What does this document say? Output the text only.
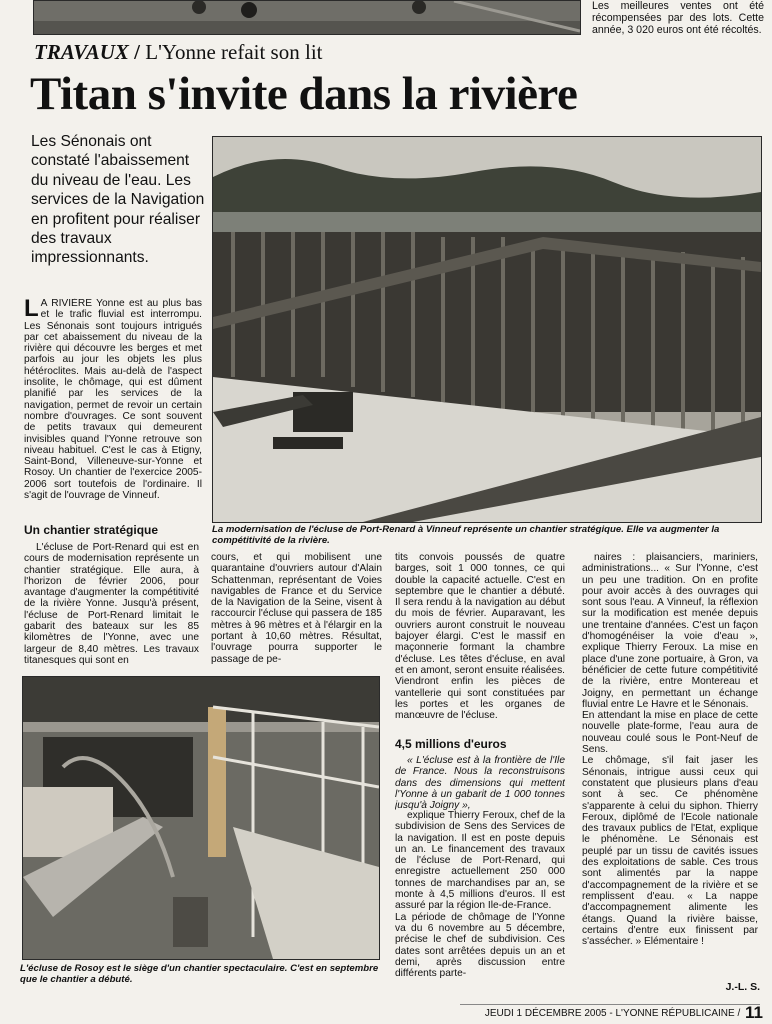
Les meilleures ventes ont été récompensées par des lots. Cette année, 3 020 euros ont été récoltés.
TRAVAUX / L'Yonne refait son lit
Titan s'invite dans la rivière
Les Sénonais ont constaté l'abaissement du niveau de l'eau. Les services de la Navigation en profitent pour réaliser des travaux impressionnants.
L A RIVIÈRE Yonne est au plus bas et le trafic fluvial est interrompu. Les Sénonais sont toujours intrigués par cet abaissement du niveau de la rivière qui découvre les berges et met parfois au jour les objets les plus hétéroclites. Mais au-delà de l'aspect insolite, le chômage, qui est dûment planifié par les services de la navigation, permet de revoir un certain nombre d'ouvrages. Ce sont souvent de petits travaux qui demeurent invisibles quand l'Yonne retrouve son niveau habituel. C'est le cas à Etigny, Saint-Bond, Villeneuve-sur-Yonne et Rosoy. Un chantier de l'exercice 2005-2006 sort toutefois de l'ordinaire. Il s'agit de l'ouvrage de Vinneuf.
Un chantier stratégique
L'écluse de Port-Renard qui est en cours de modernisation représente un chantier stratégique. Elle aura, à l'horizon de février 2006, pour avantage d'augmenter la compétitivité de la rivière Yonne. Jusqu'à présent, l'écluse de Port-Renard limitait le gabarit des bateaux sur les 85 kilomètres de l'Yonne, avec une largeur de 8,40 mètres. Les travaux titanesques qui sont en
La modernisation de l'écluse de Port-Renard à Vinneuf représente un chantier stratégique. Elle va augmenter la compétitivité de la rivière.
cours, et qui mobilisent une quarantaine d'ouvriers autour d'Alain Schattenman, représentant de Voies navigables de France et du Service de la Navigation de la Seine, visent à raccourcir l'écluse qui passera de 185 mètres à 96 mètres et à l'élargir en la portant à 10,60 mètres. Résultat, l'ouvrage pourra supporter le passage de pe-
tits convois poussés de quatre barges, soit 1 000 tonnes, ce qui double la capacité actuelle. C'est en septembre que le chantier a débuté. Il sera rendu à la navigation au début du mois de février. Auparavant, les ouvriers auront construit le nouveau bajoyer élargi. C'est le massif en maçonnerie formant la chambre d'écluse. Les têtes d'écluse, en aval et en amont, seront ensuite réalisées. Viendront enfin les pièces de vantellerie qui sont constituées par les portes et les organes de manœuvre de l'écluse.
4,5 millions d'euros
« L'écluse est à la frontière de l'Ile de France. Nous la reconstruisons dans des dimensions qui mettent l'Yonne à un gabarit de 1 000 tonnes jusqu'à Joigny »,
explique Thierry Feroux, chef de la subdivision de Sens des Services de la navigation. Il est en poste depuis un an. Le financement des travaux de l'écluse de Port-Renard, qui enregistre actuellement 250 000 tonnes de marchandises par an, se monte à 4,5 millions d'euros. Il est assuré par la région Ile-de-France.
La période de chômage de l'Yonne va du 6 novembre au 5 décembre, précise le chef de subdivision. Ces dates sont arrêtées depuis un an et demi, après discussion entre différents parte-
naires : plaisanciers, mariniers, administrations... « Sur l'Yonne, c'est un peu une tradition. On en profite pour avoir accès à des ouvrages qui sont sous l'eau. A Vinneuf, la réflexion sur la modification est menée depuis une trentaine d'années. C'est un façon d'homogénéiser la voie d'eau », explique Thierry Feroux. La mise en place d'une zone portuaire, à Gron, va bénéficier de cette future compétitivité de la rivière, entre Montereau et Joigny, en permettant un échange fluvial entre Le Havre et le Sénonais.
En attendant la mise en place de cette nouvelle plate-forme, l'eau aura de nouveau coulé sous le Pont-Neuf de Sens.
Le chômage, s'il fait jaser les Sénonais, intrigue aussi ceux qui constatent que plusieurs plans d'eau sont à sec. Ce phénomène s'apparente à celui du siphon. Thierry Feroux, diplômé de l'Ecole nationale des travaux publics de l'Etat, explique le phénomène. Le Sénonais est peuplé par un tissu de cavités issues des exploitations de sable. Ces trous sont alimentés par la nappe d'accompagnement de la rivière et se remplissent d'eau. « La nappe d'accompagnement alimente les étangs. Quand la rivière baisse, certains d'entre eux finissent par s'assécher. » Elémentaire !
J.-L. S.
L'écluse de Rosoy est le siège d'un chantier spectaculaire. C'est en septembre que le chantier a débuté.
JEUDI 1 DÉCEMBRE 2005 - L'YONNE RÉPUBLICAINE / 11
